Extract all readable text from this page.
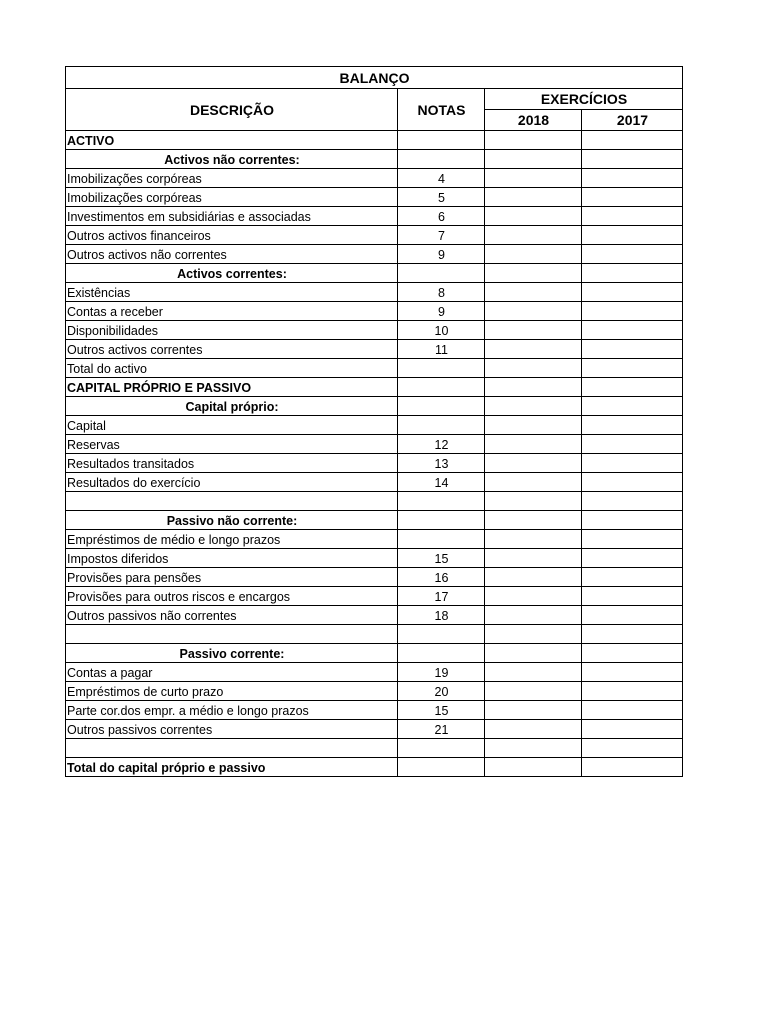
BALANÇO			
DESCRIÇÃO	NOTAS	EXERCÍCIOS	
		2018	2017
ACTIVO			
Activos não correntes:			
Imobilizações corpóreas	4		
Imobilizações corpóreas	5		
Investimentos em subsidiárias e associadas	6		
Outros activos financeiros	7		
Outros activos não correntes	9		
Activos correntes:			
Existências	8		
Contas a receber	9		
Disponibilidades	10		
Outros activos correntes	11		
Total do activo			
CAPITAL PRÓPRIO E PASSIVO			
Capital próprio:			
Capital			
Reservas	12		
Resultados transitados	13		
Resultados do exercício	14		

Passivo não corrente:			
Empréstimos de médio e longo prazos			
Impostos diferidos	15		
Provisões para pensões	16		
Provisões para outros riscos e encargos	17		
Outros passivos não correntes	18		

Passivo corrente:			
Contas a pagar	19		
Empréstimos de curto prazo	20		
Parte cor.dos empr. a médio e longo prazos	15		
Outros passivos correntes	21		

Total do capital próprio e passivo			
